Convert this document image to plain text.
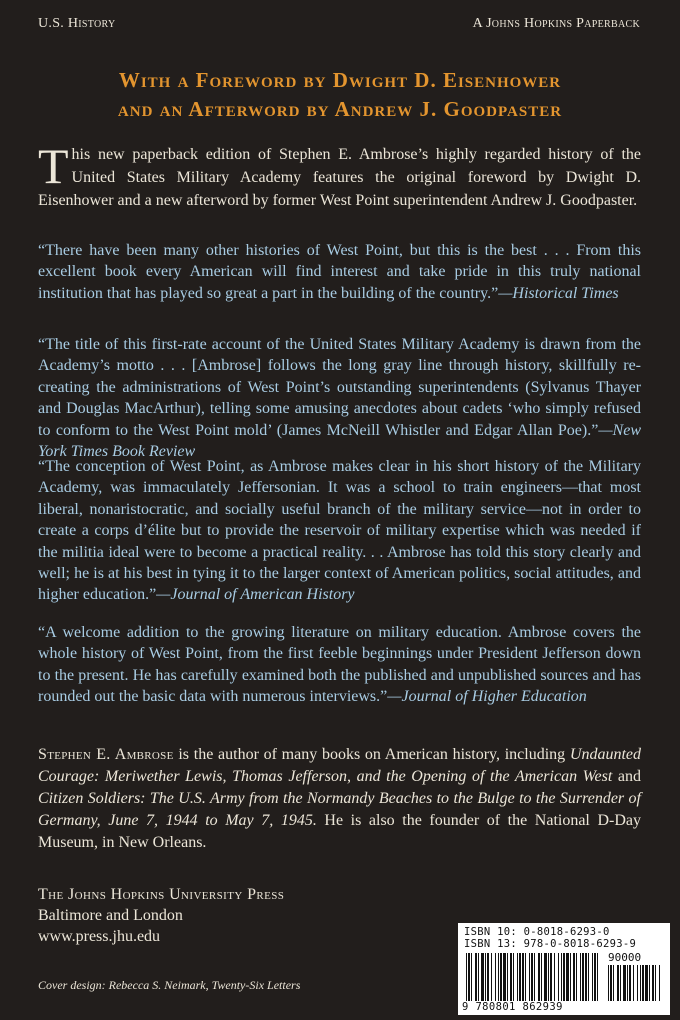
U.S. History	A Johns Hopkins Paperback
With a Foreword by Dwight D. Eisenhower
and an Afterword by Andrew J. Goodpaster
T his new paperback edition of Stephen E. Ambrose’s highly regarded history of the United States Military Academy features the original foreword by Dwight D. Eisenhower and a new afterword by former West Point superintendent Andrew J. Goodpaster.
“There have been many other histories of West Point, but this is the best . . . From this excellent book every American will find interest and take pride in this truly national institution that has played so great a part in the building of the country.”—Historical Times
“The title of this first-rate account of the United States Military Academy is drawn from the Academy’s motto . . . [Ambrose] follows the long gray line through history, skillfully re-creating the administrations of West Point’s outstanding superintendents (Sylvanus Thayer and Douglas MacArthur), telling some amusing anecdotes about cadets ‘who simply refused to conform to the West Point mold’ (James McNeill Whistler and Edgar Allan Poe).”—New York Times Book Review
“The conception of West Point, as Ambrose makes clear in his short history of the Military Academy, was immaculately Jeffersonian. It was a school to train engineers—that most liberal, nonaristocratic, and socially useful branch of the military service—not in order to create a corps d’élite but to provide the reservoir of military expertise which was needed if the militia ideal were to become a practical reality. . . Ambrose has told this story clearly and well; he is at his best in tying it to the larger context of American politics, social attitudes, and higher education.”—Journal of American History
“A welcome addition to the growing literature on military education. Ambrose covers the whole history of West Point, from the first feeble beginnings under President Jefferson down to the present. He has carefully examined both the published and unpublished sources and has rounded out the basic data with numerous interviews.”—Journal of Higher Education
Stephen E. Ambrose is the author of many books on American history, including Undaunted Courage: Meriwether Lewis, Thomas Jefferson, and the Opening of the American West and Citizen Soldiers: The U.S. Army from the Normandy Beaches to the Bulge to the Surrender of Germany, June 7, 1944 to May 7, 1945. He is also the founder of the National D-Day Museum, in New Orleans.
The Johns Hopkins University Press
Baltimore and London
www.press.jhu.edu
Cover design: Rebecca S. Neimark, Twenty-Six Letters
ISBN 10: 0-8018-6293-0
ISBN 13: 978-0-8018-6293-9
90000
9 780801 862939
